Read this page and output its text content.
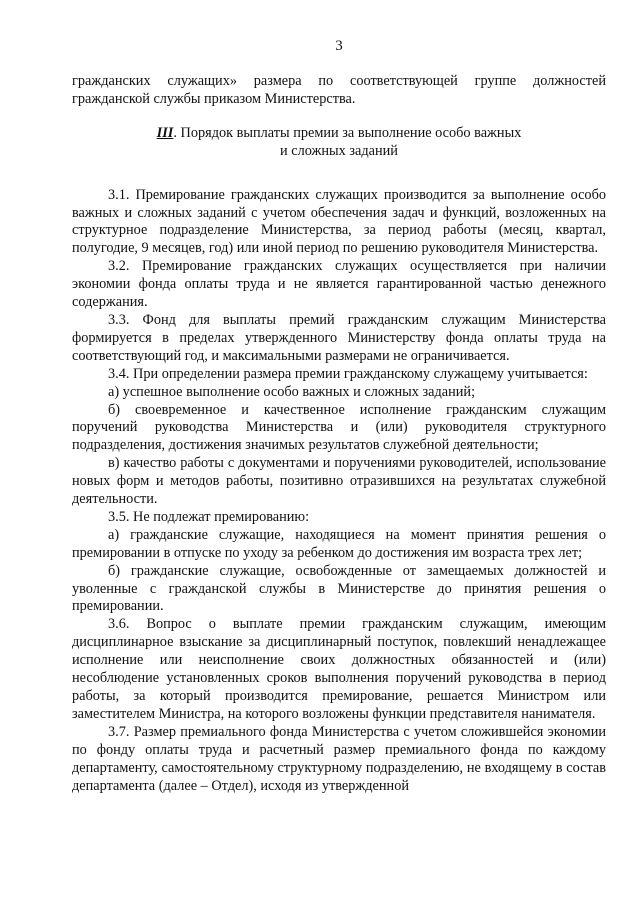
3

гражданских служащих» размера по соответствующей группе должностей гражданской службы приказом Министерства.

III. Порядок выплаты премии за выполнение особо важных
и сложных заданий

3.1. Премирование гражданских служащих производится за выполнение особо важных и сложных заданий с учетом обеспечения задач и функций, возложенных на структурное подразделение Министерства, за период работы (месяц, квартал, полугодие, 9 месяцев, год) или иной период по решению руководителя Министерства.

3.2. Премирование гражданских служащих осуществляется при наличии экономии фонда оплаты труда и не является гарантированной частью денежного содержания.

3.3. Фонд для выплаты премий гражданским служащим Министерства формируется в пределах утвержденного Министерству фонда оплаты труда на соответствующий год, и максимальными размерами не ограничивается.

3.4. При определении размера премии гражданскому служащему учитывается:

а) успешное выполнение особо важных и сложных заданий;

б) своевременное и качественное исполнение гражданским служащим поручений руководства Министерства и (или) руководителя структурного подразделения, достижения значимых результатов служебной деятельности;

в) качество работы с документами и поручениями руководителей, использование новых форм и методов работы, позитивно отразившихся на результатах служебной деятельности.

3.5. Не подлежат премированию:

а) гражданские служащие, находящиеся на момент принятия решения о премировании в отпуске по уходу за ребенком до достижения им возраста трех лет;

б) гражданские служащие, освобожденные от замещаемых должностей и уволенные с гражданской службы в Министерстве до принятия решения о премировании.

3.6. Вопрос о выплате премии гражданским служащим, имеющим дисциплинарное взыскание за дисциплинарный поступок, повлекший ненадлежащее исполнение или неисполнение своих должностных обязанностей и (или) несоблюдение установленных сроков выполнения поручений руководства в период работы, за который производится премирование, решается Министром или заместителем Министра, на которого возложены функции представителя нанимателя.

3.7. Размер премиального фонда Министерства с учетом сложившейся экономии по фонду оплаты труда и расчетный размер премиального фонда по каждому департаменту, самостоятельному структурному подразделению, не входящему в состав департамента (далее – Отдел), исходя из утвержденной
